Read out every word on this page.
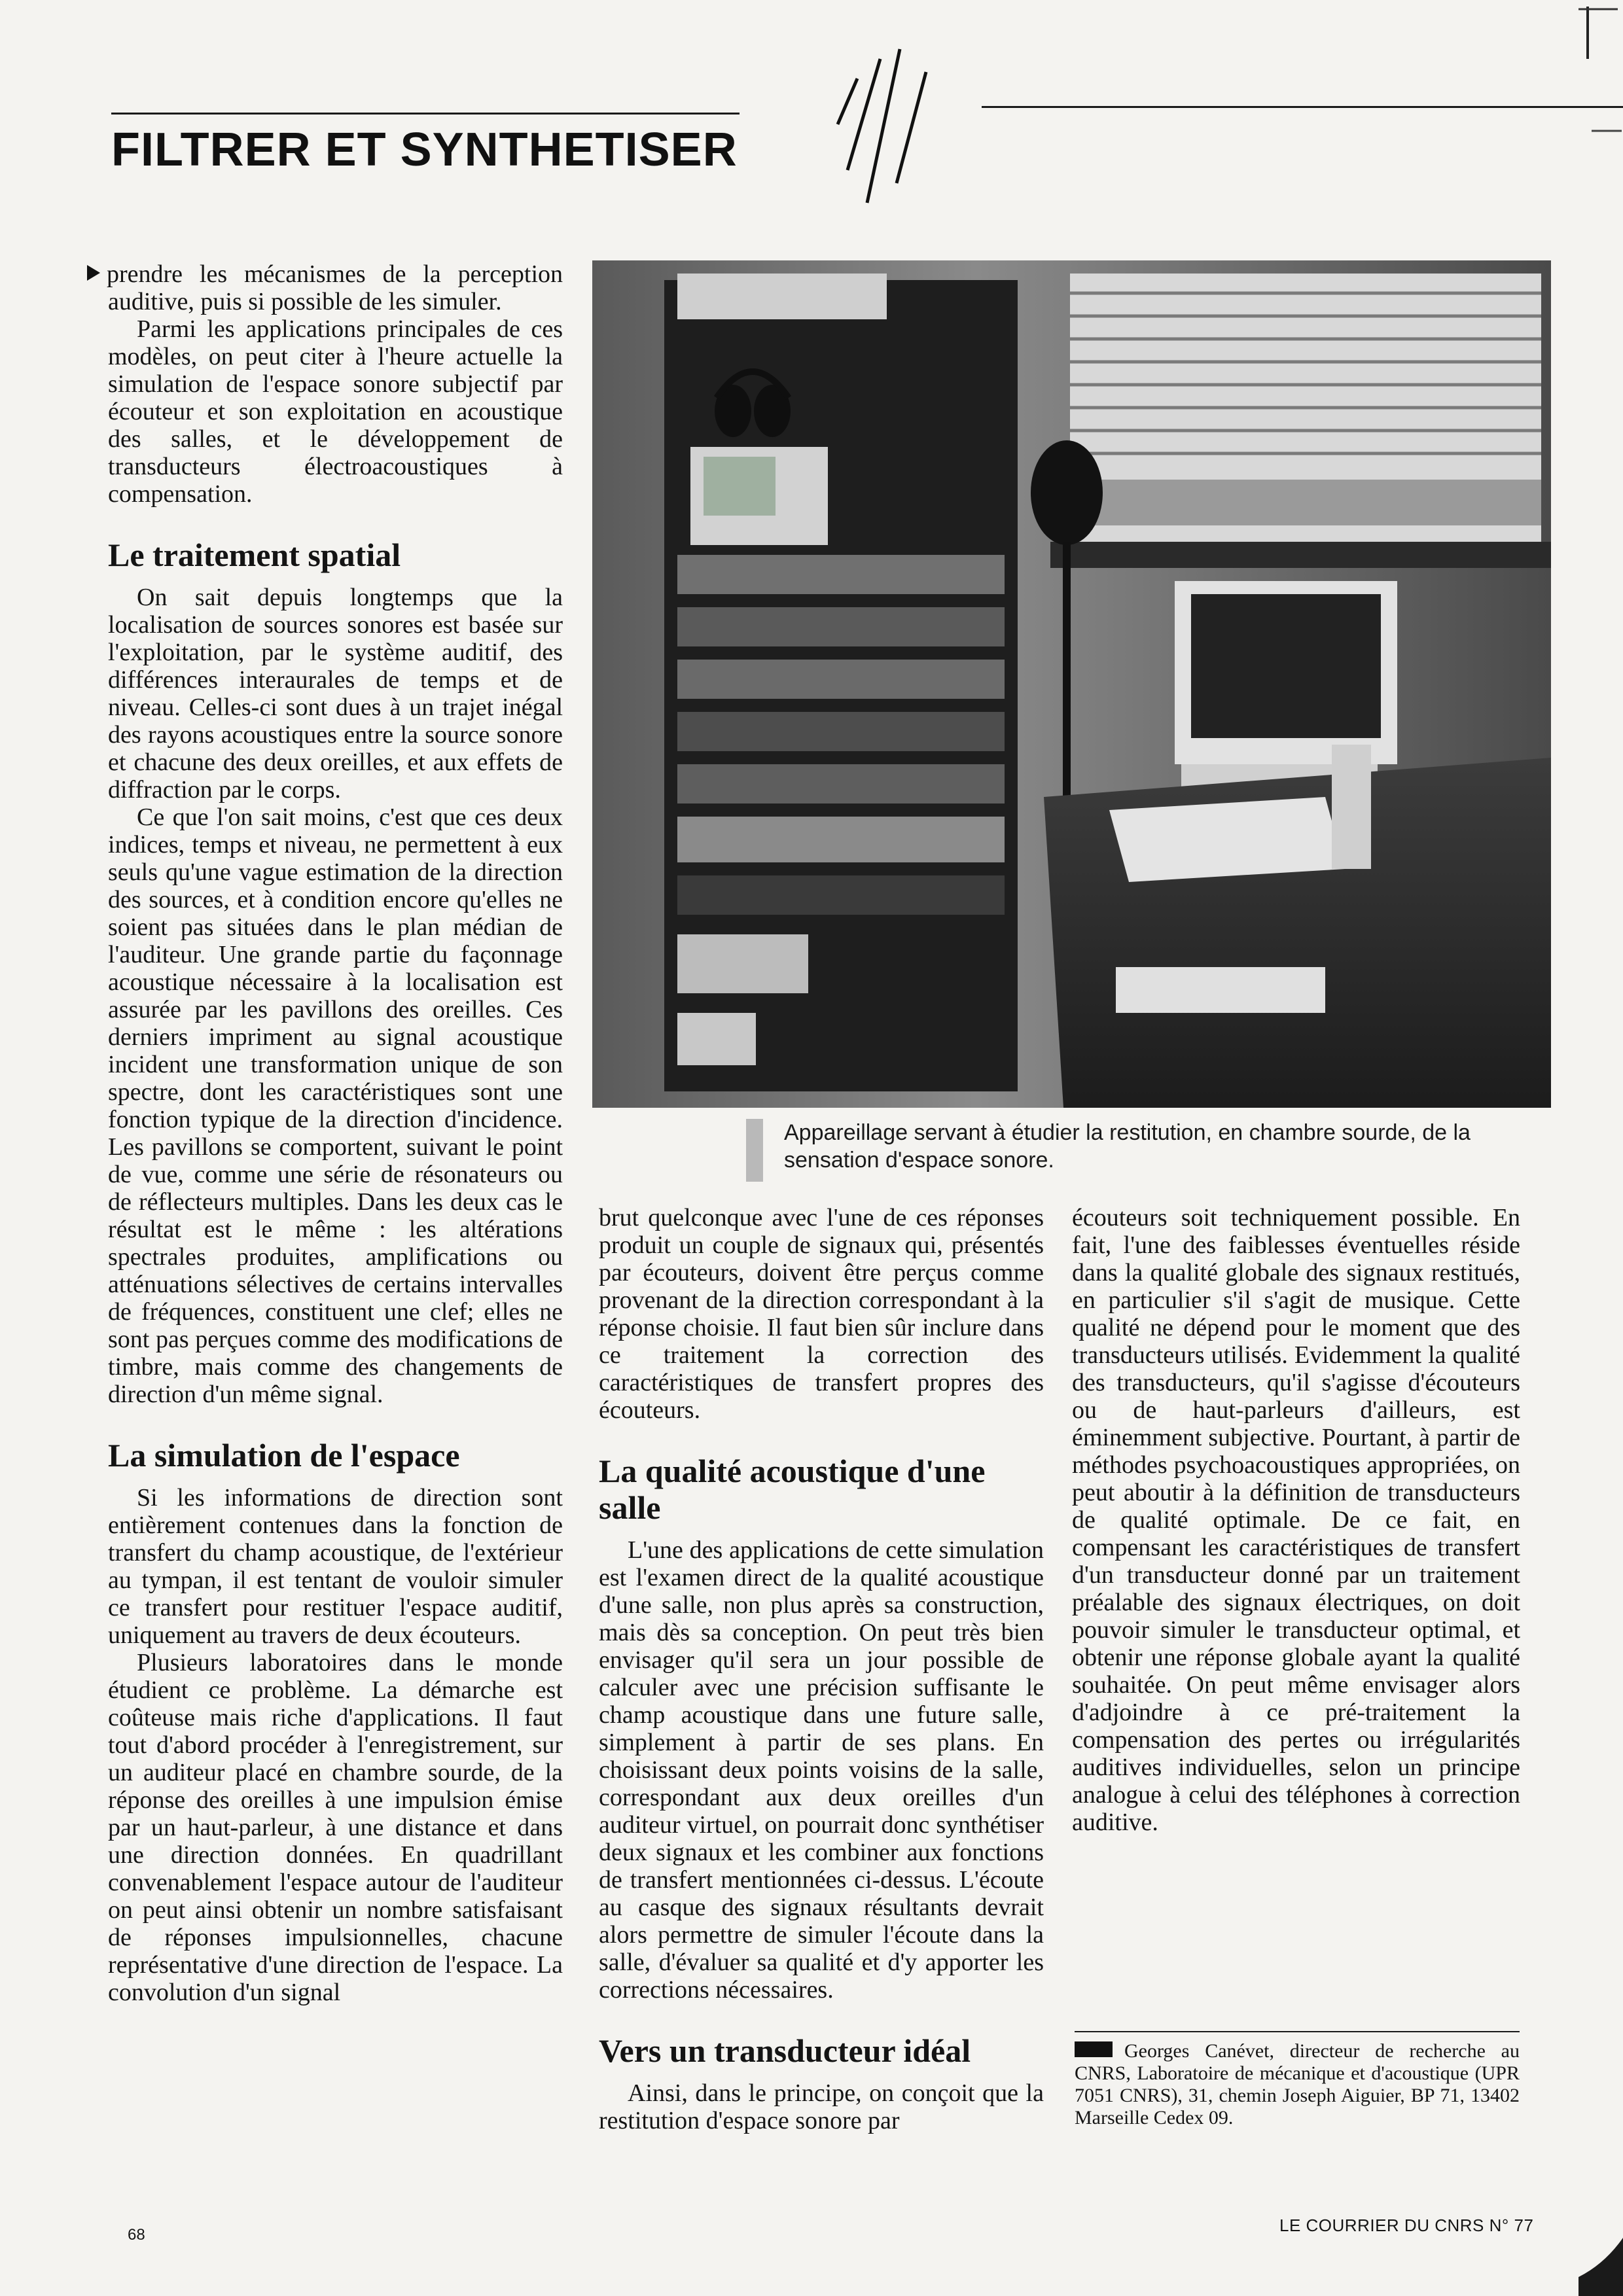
FILTRER ET SYNTHETISER

prendre les mécanismes de la perception auditive, puis si possible de les simuler.

Parmi les applications principales de ces modèles, on peut citer à l'heure actuelle la simulation de l'espace sonore subjectif par écouteur et son exploitation en acoustique des salles, et le développement de transducteurs électroacoustiques à compensation.

Le traitement spatial

On sait depuis longtemps que la localisation de sources sonores est basée sur l'exploitation, par le système auditif, des différences interaurales de temps et de niveau. Celles-ci sont dues à un trajet inégal des rayons acoustiques entre la source sonore et chacune des deux oreilles, et aux effets de diffraction par le corps.

Ce que l'on sait moins, c'est que ces deux indices, temps et niveau, ne permettent à eux seuls qu'une vague estimation de la direction des sources, et à condition encore qu'elles ne soient pas situées dans le plan médian de l'auditeur. Une grande partie du façonnage acoustique nécessaire à la localisation est assurée par les pavillons des oreilles. Ces derniers impriment au signal acoustique incident une transformation unique de son spectre, dont les caractéristiques sont une fonction typique de la direction d'incidence. Les pavillons se comportent, suivant le point de vue, comme une série de résonateurs ou de réflecteurs multiples. Dans les deux cas le résultat est le même : les altérations spectrales produites, amplifications ou atténuations sélectives de certains intervalles de fréquences, constituent une clef; elles ne sont pas perçues comme des modifications de timbre, mais comme des changements de direction d'un même signal.

La simulation de l'espace

Si les informations de direction sont entièrement contenues dans la fonction de transfert du champ acoustique, de l'extérieur au tympan, il est tentant de vouloir simuler ce transfert pour restituer l'espace auditif, uniquement au travers de deux écouteurs.

Plusieurs laboratoires dans le monde étudient ce problème. La démarche est coûteuse mais riche d'applications. Il faut tout d'abord procéder à l'enregistrement, sur un auditeur placé en chambre sourde, de la réponse des oreilles à une impulsion émise par un haut-parleur, à une distance et dans une direction données. En quadrillant convenablement l'espace autour de l'auditeur on peut ainsi obtenir un nombre satisfaisant de réponses impulsionnelles, chacune représentative d'une direction de l'espace. La convolution d'un signal

Appareillage servant à étudier la restitution, en chambre sourde, de la sensation d'espace sonore.

brut quelconque avec l'une de ces réponses produit un couple de signaux qui, présentés par écouteurs, doivent être perçus comme provenant de la direction correspondant à la réponse choisie. Il faut bien sûr inclure dans ce traitement la correction des caractéristiques de transfert propres des écouteurs.

La qualité acoustique d'une salle

L'une des applications de cette simulation est l'examen direct de la qualité acoustique d'une salle, non plus après sa construction, mais dès sa conception. On peut très bien envisager qu'il sera un jour possible de calculer avec une précision suffisante le champ acoustique dans une future salle, simplement à partir de ses plans. En choisissant deux points voisins de la salle, correspondant aux deux oreilles d'un auditeur virtuel, on pourrait donc synthétiser deux signaux et les combiner aux fonctions de transfert mentionnées ci-dessus. L'écoute au casque des signaux résultants devrait alors permettre de simuler l'écoute dans la salle, d'évaluer sa qualité et d'y apporter les corrections nécessaires.

Vers un transducteur idéal

Ainsi, dans le principe, on conçoit que la restitution d'espace sonore par

écouteurs soit techniquement possible. En fait, l'une des faiblesses éventuelles réside dans la qualité globale des signaux restitués, en particulier s'il s'agit de musique. Cette qualité ne dépend pour le moment que des transducteurs utilisés. Evidemment la qualité des transducteurs, qu'il s'agisse d'écouteurs ou de haut-parleurs d'ailleurs, est éminemment subjective. Pourtant, à partir de méthodes psychoacoustiques appropriées, on peut aboutir à la définition de transducteurs de qualité optimale. De ce fait, en compensant les caractéristiques de transfert d'un transducteur donné par un traitement préalable des signaux électriques, on doit pouvoir simuler le transducteur optimal, et obtenir une réponse globale ayant la qualité souhaitée. On peut même envisager alors d'adjoindre à ce pré-traitement la compensation des pertes ou irrégularités auditives individuelles, selon un principe analogue à celui des téléphones à correction auditive.

Georges Canévet, directeur de recherche au CNRS, Laboratoire de mécanique et d'acoustique (UPR 7051 CNRS), 31, chemin Joseph Aiguier, BP 71, 13402 Marseille Cedex 09.
68	LE COURRIER DU CNRS N° 77
